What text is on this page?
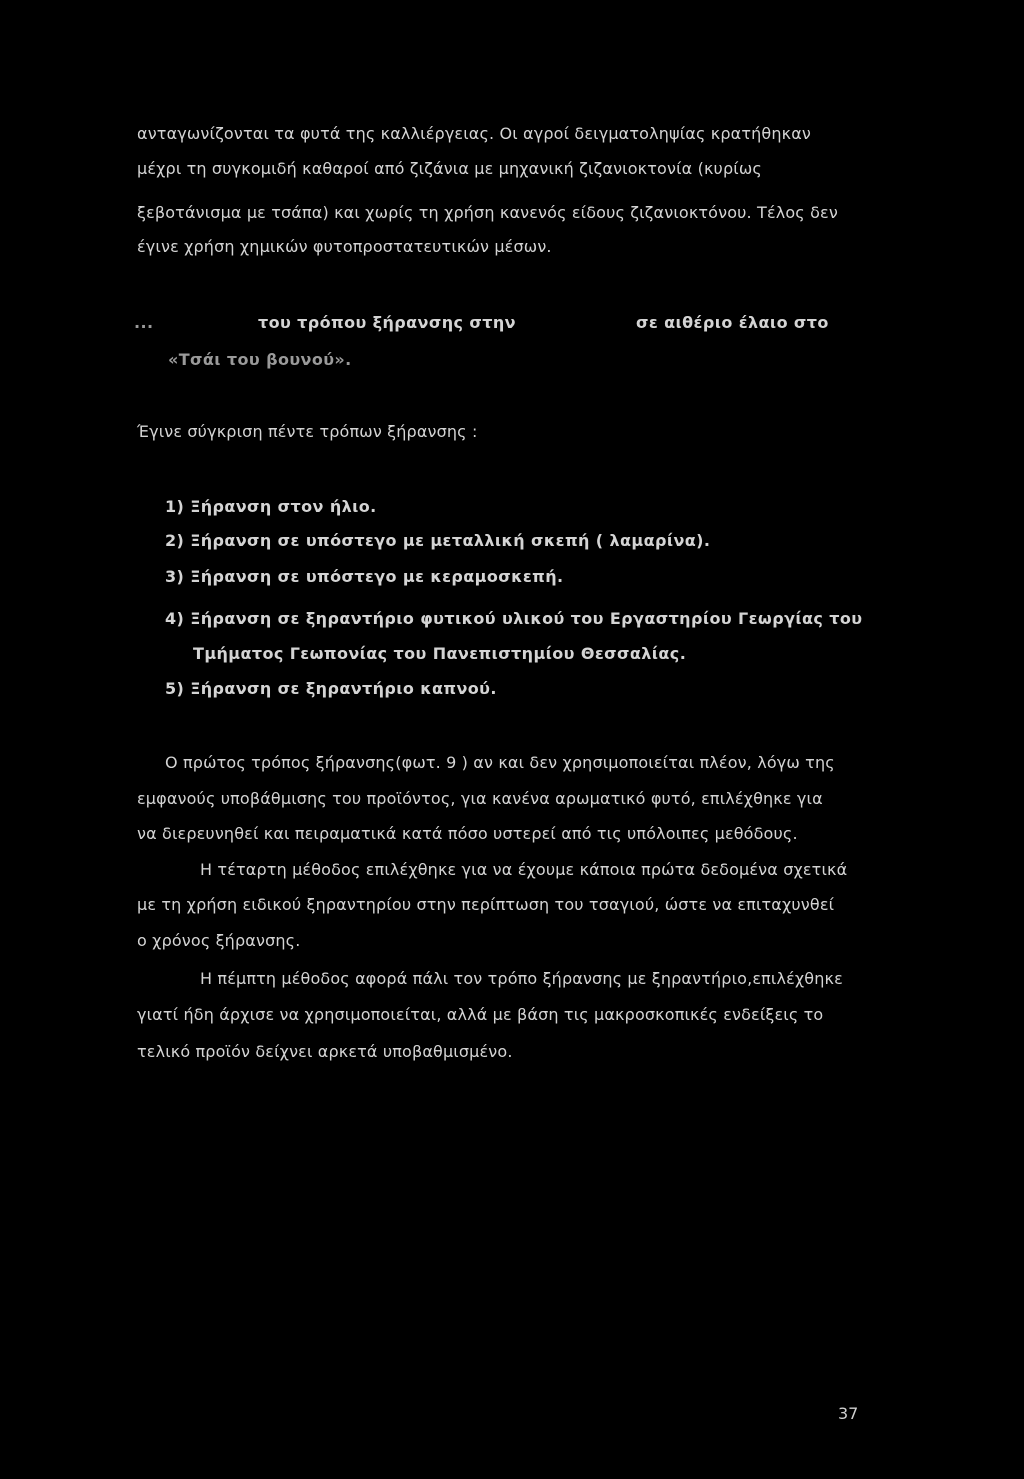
ανταγωνίζονται τα φυτά της καλλιέργειας. Οι αγροί δειγματοληψίας κρατήθηκαν
μέχρι τη συγκομιδή καθαροί από ζιζάνια με μηχανική ζιζανιοκτονία (κυρίως
ξεβοτάνισμα με τσάπα) και χωρίς τη χρήση κανενός είδους ζιζανιοκτόνου. Τέλος δεν
έγινε χρήση χημικών φυτοπροστατευτικών μέσων.
...	του τρόπου ξήρανσης στην	σε αιθέριο έλαιο στο
«Τσάι του βουνού».
Έγινε σύγκριση πέντε τρόπων ξήρανσης :
1) Ξήρανση στον ήλιο.
2) Ξήρανση σε υπόστεγο με μεταλλική σκεπή ( λαμαρίνα).
3) Ξήρανση σε υπόστεγο με κεραμοσκεπή.
4) Ξήρανση σε ξηραντήριο φυτικού υλικού του Εργαστηρίου Γεωργίας του
Τμήματος Γεωπονίας του Πανεπιστημίου Θεσσαλίας.
5) Ξήρανση σε ξηραντήριο καπνού.
Ο πρώτος τρόπος ξήρανσης(φωτ. 9 ) αν και δεν χρησιμοποιείται πλέον, λόγω της
εμφανούς υποβάθμισης του προϊόντος, για κανένα αρωματικό φυτό, επιλέχθηκε για
να διερευνηθεί και πειραματικά κατά πόσο υστερεί από τις υπόλοιπες μεθόδους.
Η τέταρτη μέθοδος επιλέχθηκε για να έχουμε κάποια πρώτα δεδομένα σχετικά
με τη χρήση ειδικού ξηραντηρίου στην περίπτωση του τσαγιού, ώστε να επιταχυνθεί
ο χρόνος ξήρανσης.
Η πέμπτη μέθοδος αφορά πάλι τον τρόπο ξήρανσης με ξηραντήριο,επιλέχθηκε
γιατί ήδη άρχισε να χρησιμοποιείται, αλλά με βάση τις μακροσκοπικές ενδείξεις το
τελικό προϊόν δείχνει αρκετά υποβαθμισμένο.
37
